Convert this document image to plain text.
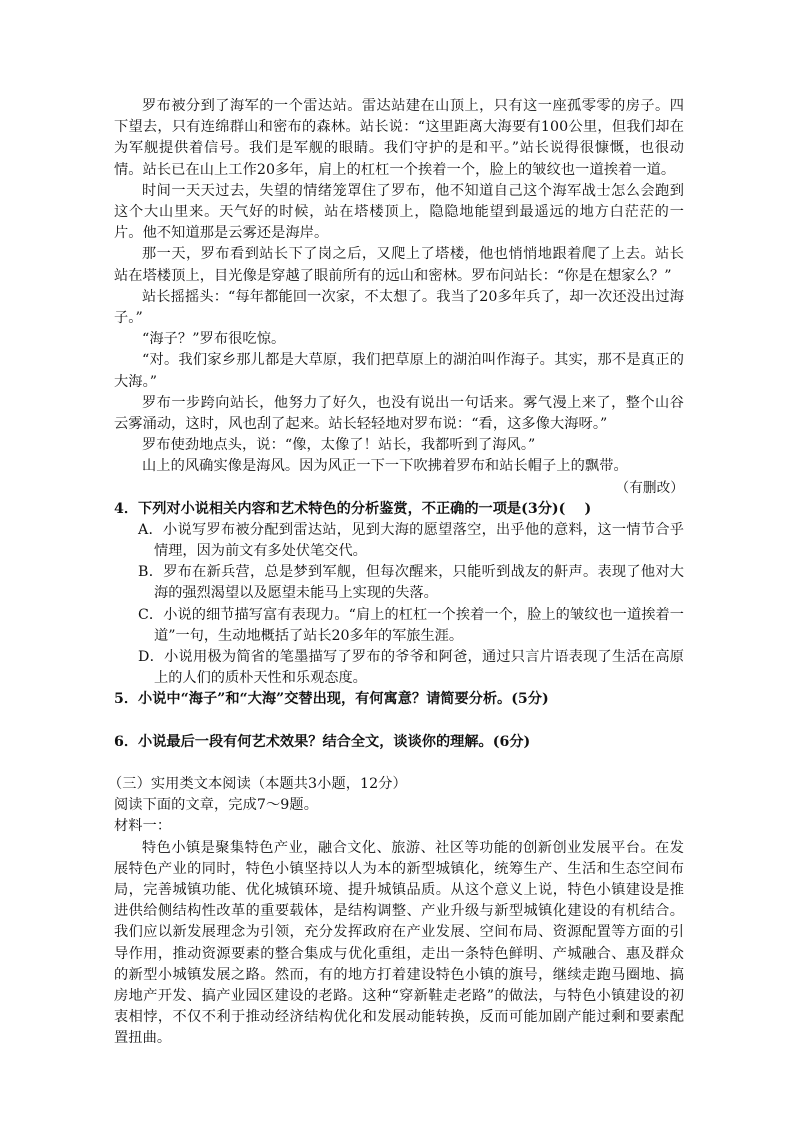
罗布被分到了海军的一个雷达站。雷达站建在山顶上，只有这一座孤零零的房子。四下望去，只有连绵群山和密布的森林。站长说：“这里距离大海要有100公里，但我们却在为军舰提供着信号。我们是军舰的眼睛。我们守护的是和平。”站长说得很慷慨，也很动情。站长已在山上工作20多年，肩上的杠杠一个挨着一个，脸上的皱纹也一道挨着一道。

时间一天天过去，失望的情绪笼罩住了罗布，他不知道自己这个海军战士怎么会跑到这个大山里来。天气好的时候，站在塔楼顶上，隐隐地能望到最遥远的地方白茫茫的一片。他不知道那是云雾还是海岸。

那一天，罗布看到站长下了岗之后，又爬上了塔楼，他也悄悄地跟着爬了上去。站长站在塔楼顶上，目光像是穿越了眼前所有的远山和密林。罗布问站长：“你是在想家么？”

站长摇摇头：“每年都能回一次家，不太想了。我当了20多年兵了，却一次还没出过海子。”

“海子？”罗布很吃惊。

“对。我们家乡那儿都是大草原，我们把草原上的湖泊叫作海子。其实，那不是真正的大海。”

罗布一步跨向站长，他努力了好久，也没有说出一句话来。雾气漫上来了，整个山谷云雾涌动，这时，风也刮了起来。站长轻轻地对罗布说：“看，这多像大海呀。”

罗布使劲地点头，说：“像，太像了！站长，我都听到了海风。”

山上的风确实像是海风。因为风正一下一下吹拂着罗布和站长帽子上的飘带。

（有删改）

4．下列对小说相关内容和艺术特色的分析鉴赏，不正确的一项是(3分)(　 )

A．小说写罗布被分配到雷达站，见到大海的愿望落空，出乎他的意料，这一情节合乎情理，因为前文有多处伏笔交代。

B．罗布在新兵营，总是梦到军舰，但每次醒来，只能听到战友的鼾声。表现了他对大海的强烈渴望以及愿望未能马上实现的失落。

C．小说的细节描写富有表现力。“肩上的杠杠一个挨着一个，脸上的皱纹也一道挨着一道”一句，生动地概括了站长20多年的军旅生涯。

D．小说用极为简省的笔墨描写了罗布的爷爷和阿爸，通过只言片语表现了生活在高原上的人们的质朴天性和乐观态度。

5．小说中“海子”和“大海”交替出现，有何寓意？请简要分析。(5分)

6．小说最后一段有何艺术效果？结合全文，谈谈你的理解。(6分)

（三）实用类文本阅读（本题共3小题，12分）

阅读下面的文章，完成7～9题。

材料一：

特色小镇是聚集特色产业，融合文化、旅游、社区等功能的创新创业发展平台。在发展特色产业的同时，特色小镇坚持以人为本的新型城镇化，统筹生产、生活和生态空间布局，完善城镇功能、优化城镇环境、提升城镇品质。从这个意义上说，特色小镇建设是推进供给侧结构性改革的重要载体，是结构调整、产业升级与新型城镇化建设的有机结合。我们应以新发展理念为引领，充分发挥政府在产业发展、空间布局、资源配置等方面的引导作用，推动资源要素的整合集成与优化重组，走出一条特色鲜明、产城融合、惠及群众的新型小城镇发展之路。然而，有的地方打着建设特色小镇的旗号，继续走跑马圈地、搞房地产开发、搞产业园区建设的老路。这种“穿新鞋走老路”的做法，与特色小镇建设的初衷相悖，不仅不利于推动经济结构优化和发展动能转换，反而可能加剧产能过剩和要素配置扭曲。
